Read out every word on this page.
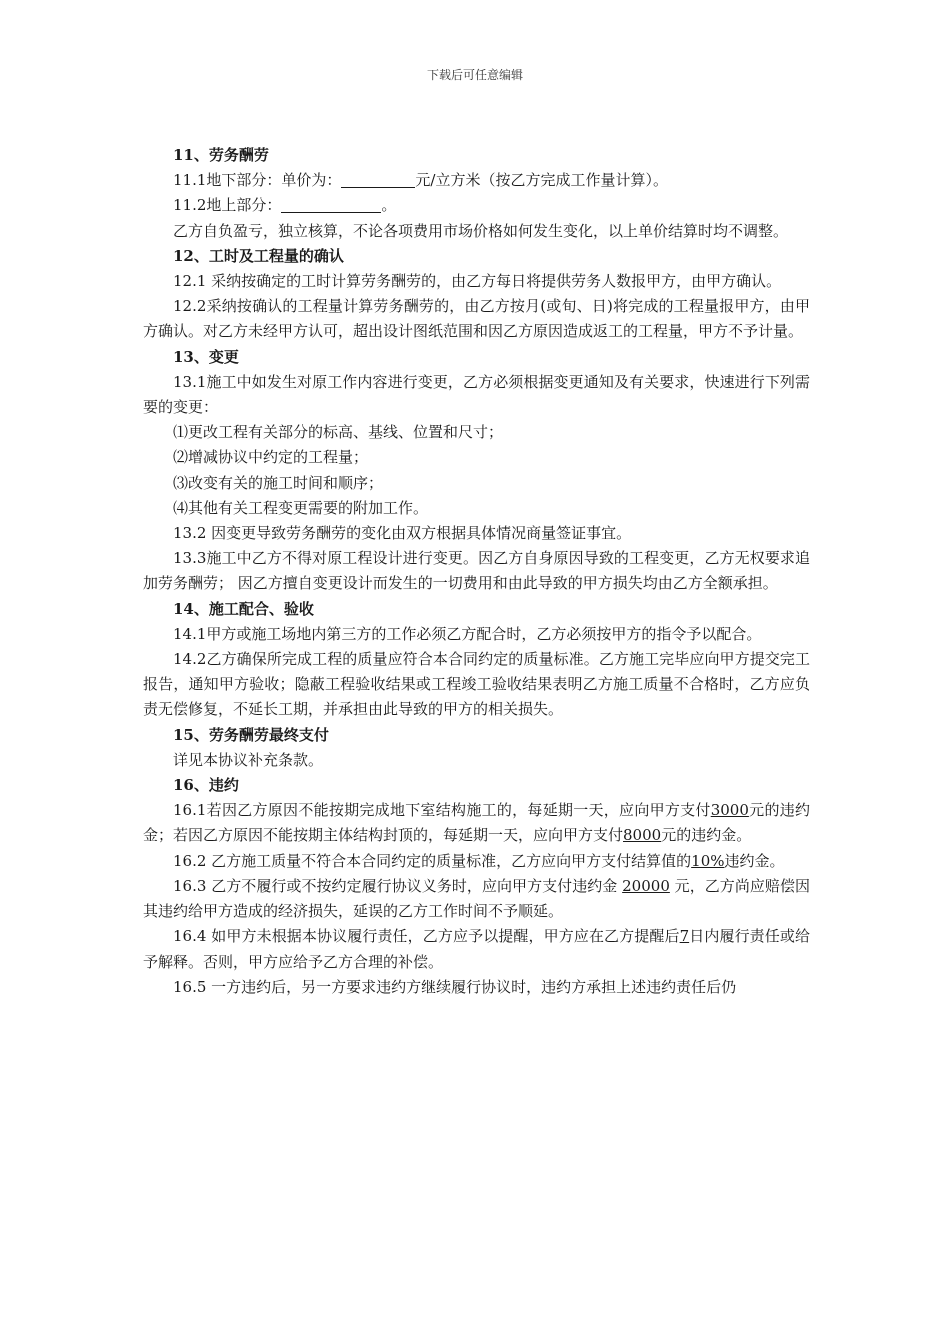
下载后可任意编辑

11、劳务酬劳

11.1地下部分：单价为：	元/立方米（按乙方完成工作量计算）。

11.2地上部分：	。

乙方自负盈亏，独立核算，不论各项费用市场价格如何发生变化，以上单价结算时均不调整。

12、工时及工程量的确认

12.1 采纳按确定的工时计算劳务酬劳的，由乙方每日将提供劳务人数报甲方，由甲方确认。

12.2采纳按确认的工程量计算劳务酬劳的，由乙方按月(或旬、日)将完成的工程量报甲方，由甲方确认。对乙方未经甲方认可，超出设计图纸范围和因乙方原因造成返工的工程量，甲方不予计量。

13、变更

13.1施工中如发生对原工作内容进行变更，乙方必须根据变更通知及有关要求，快速进行下列需要的变更：

⑴更改工程有关部分的标高、基线、位置和尺寸；

⑵增减协议中约定的工程量；

⑶改变有关的施工时间和顺序；

⑷其他有关工程变更需要的附加工作。

13.2 因变更导致劳务酬劳的变化由双方根据具体情况商量签证事宜。

13.3施工中乙方不得对原工程设计进行变更。因乙方自身原因导致的工程变更，乙方无权要求追加劳务酬劳； 因乙方擅自变更设计而发生的一切费用和由此导致的甲方损失均由乙方全额承担。

14、施工配合、验收

14.1甲方或施工场地内第三方的工作必须乙方配合时，乙方必须按甲方的指令予以配合。

14.2乙方确保所完成工程的质量应符合本合同约定的质量标准。乙方施工完毕应向甲方提交完工报告，通知甲方验收；隐蔽工程验收结果或工程竣工验收结果表明乙方施工质量不合格时，乙方应负责无偿修复，不延长工期，并承担由此导致的甲方的相关损失。

15、劳务酬劳最终支付

详见本协议补充条款。

16、违约

16.1若因乙方原因不能按期完成地下室结构施工的，每延期一天，应向甲方支付3000元的违约金；若因乙方原因不能按期主体结构封顶的，每延期一天，应向甲方支付8000元的违约金。

16.2 乙方施工质量不符合本合同约定的质量标准，乙方应向甲方支付结算值的10%违约金。

16.3 乙方不履行或不按约定履行协议义务时，应向甲方支付违约金 20000 元，乙方尚应赔偿因其违约给甲方造成的经济损失，延误的乙方工作时间不予顺延。

16.4 如甲方未根据本协议履行责任，乙方应予以提醒，甲方应在乙方提醒后7日内履行责任或给予解释。否则，甲方应给予乙方合理的补偿。

16.5 一方违约后，另一方要求违约方继续履行协议时，违约方承担上述违约责任后仍
